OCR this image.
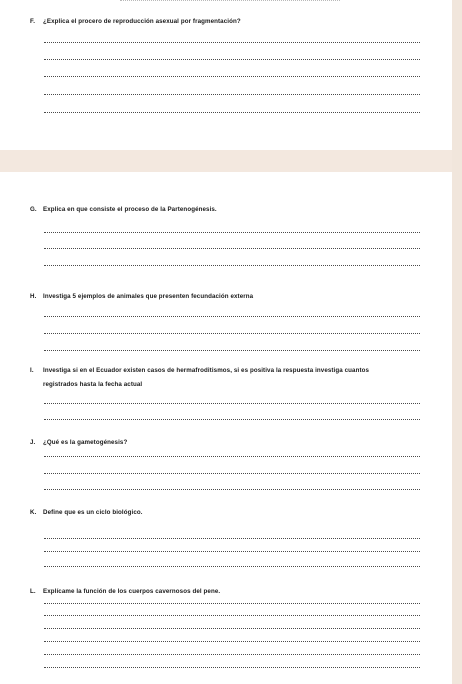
F. ¿Explica el procero de reproducción asexual por fragmentación?
G. Explica en que consiste el proceso de la Partenogénesis.
H. Investiga 5 ejemplos de animales que presenten fecundación externa
I. Investiga si en el Ecuador existen casos de hermafroditismos, si es positiva la respuesta investiga cuantos
registrados hasta la fecha actual
J. ¿Qué es la gametogénesis?
K. Define que es un ciclo biológico.
L. Explícame la función de los cuerpos cavernosos del pene.
